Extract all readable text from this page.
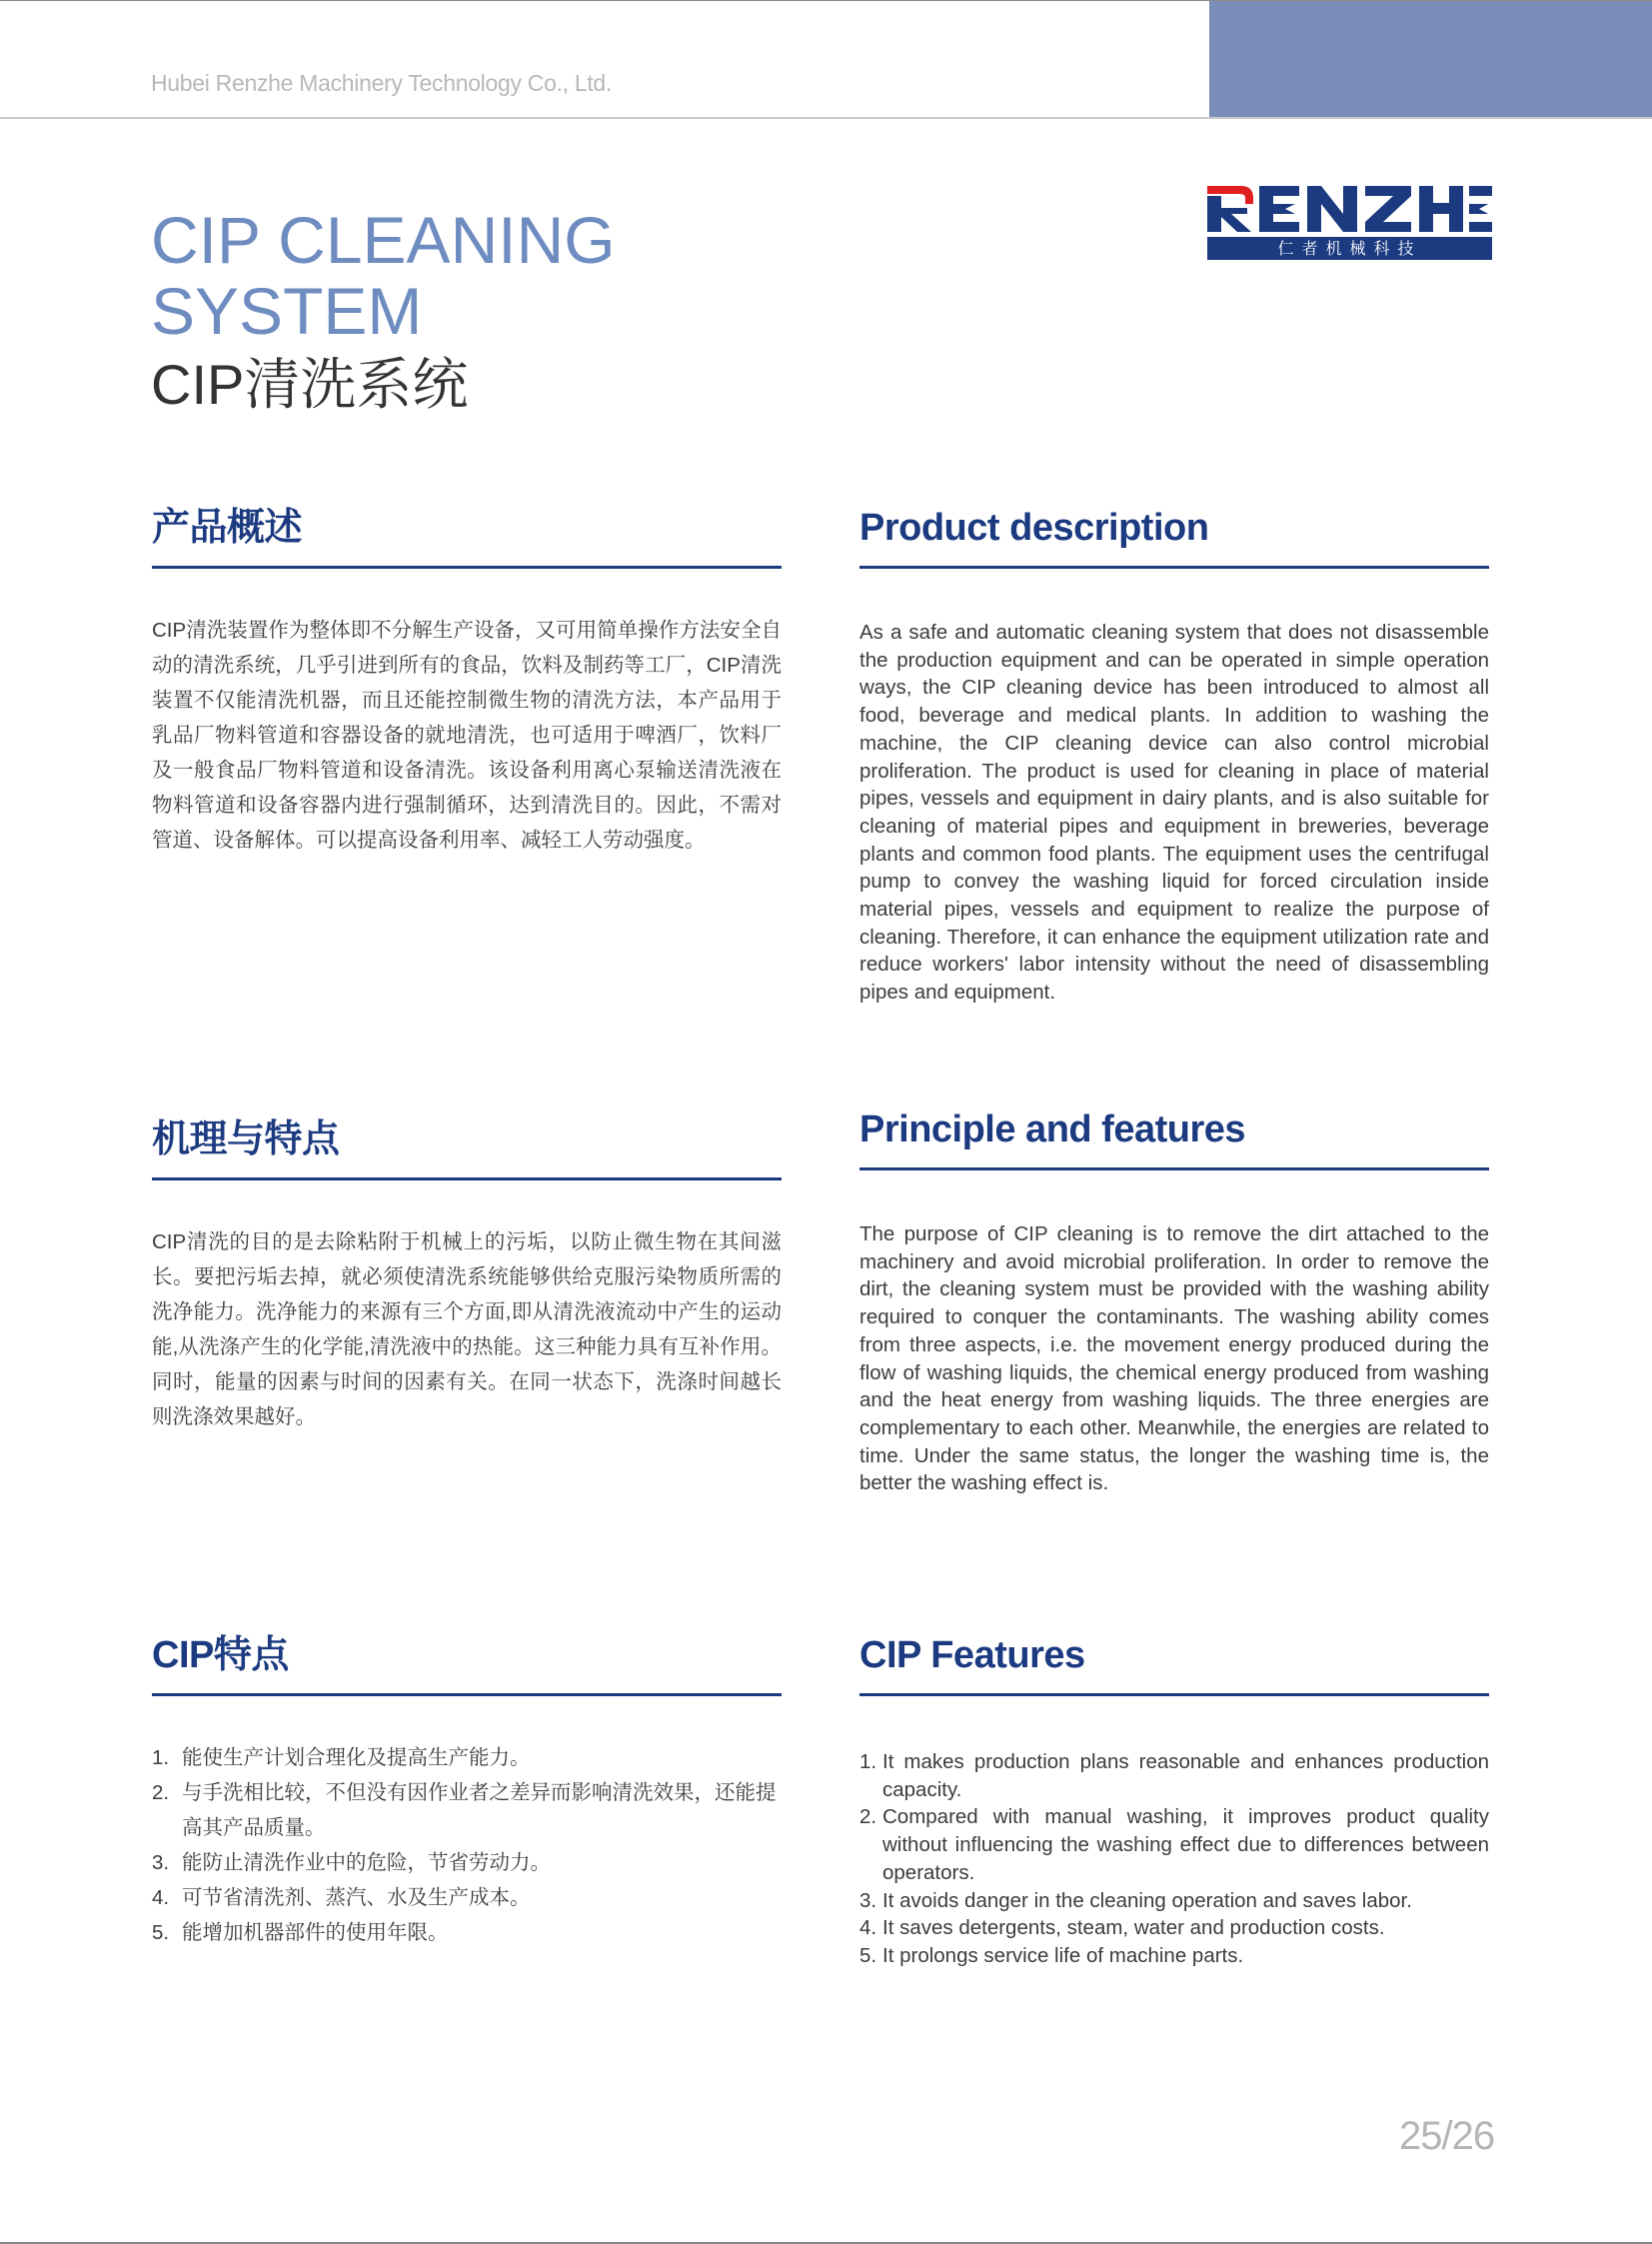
Hubei Renzhe Machinery Technology Co., Ltd.
仁者机械科技
CIP CLEANING
SYSTEM
CIP清洗系统
产品概述
CIP清洗装置作为整体即不分解生产设备，又可用简单操作方法安全自动的清洗系统，几乎引进到所有的食品，饮料及制药等工厂，CIP清洗装置不仅能清洗机器，而且还能控制微生物的清洗方法，本产品用于乳品厂物料管道和容器设备的就地清洗，也可适用于啤酒厂，饮料厂及一般食品厂物料管道和设备清洗。该设备利用离心泵输送清洗液在物料管道和设备容器内进行强制循环，达到清洗目的。因此，不需对管道、设备解体。可以提高设备利用率、减轻工人劳动强度。
Product description
As a safe and automatic cleaning system that does not disassemble the production equipment and can be operated in simple operation ways, the CIP cleaning device has been introduced to almost all food, beverage and medical plants. In addition to washing the machine, the CIP cleaning device can also control microbial proliferation. The product is used for cleaning in place of material pipes, vessels and equipment in dairy plants, and is also suitable for cleaning of material pipes and equipment in breweries, beverage plants and common food plants. The equipment uses the centrifugal pump to convey the washing liquid for forced circulation inside material pipes, vessels and equipment to realize the purpose of cleaning. Therefore, it can enhance the equipment utilization rate and reduce workers' labor intensity without the need of disassembling pipes and equipment.
机理与特点
CIP清洗的目的是去除粘附于机械上的污垢，以防止微生物在其间滋长。要把污垢去掉，就必须使清洗系统能够供给克服污染物质所需的洗净能力。洗净能力的来源有三个方面,即从清洗液流动中产生的运动能,从洗涤产生的化学能,清洗液中的热能。这三种能力具有互补作用。同时，能量的因素与时间的因素有关。在同一状态下，洗涤时间越长则洗涤效果越好。
Principle and features
The purpose of CIP cleaning is to remove the dirt attached to the machinery and avoid microbial proliferation. In order to remove the dirt, the cleaning system must be provided with the washing ability required to conquer the contaminants. The washing ability comes from three aspects, i.e. the movement energy produced during the flow of washing liquids, the chemical energy produced from washing and the heat energy from washing liquids. The three energies are complementary to each other. Meanwhile, the energies are related to time. Under the same status, the longer the washing time is, the better the washing effect is.
CIP特点
1. 能使生产计划合理化及提高生产能力。
2. 与手洗相比较，不但没有因作业者之差异而影响清洗效果，还能提高其产品质量。
3. 能防止清洗作业中的危险，节省劳动力。
4. 可节省清洗剂、蒸汽、水及生产成本。
5. 能增加机器部件的使用年限。
CIP Features
1. It makes production plans reasonable and enhances production capacity.
2. Compared with manual washing, it improves product quality without influencing the washing effect due to differences between operators.
3. It avoids danger in the cleaning operation and saves labor.
4. It saves detergents, steam, water and production costs.
5. It prolongs service life of machine parts.
25/26
